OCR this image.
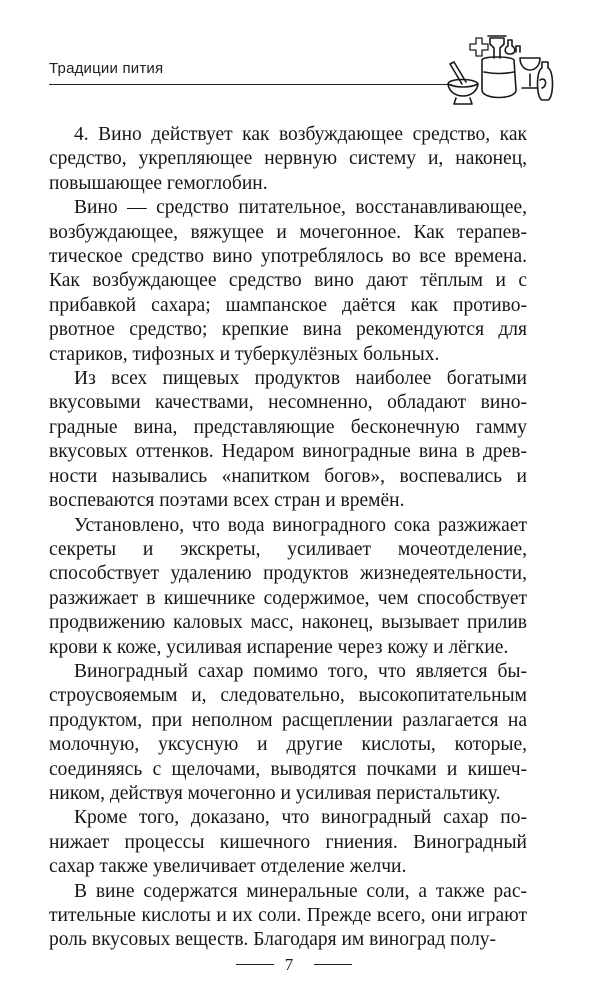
Традиции пития

4. Вино действует как возбуждающее средство, как средство, укрепляющее нервную систему и, наконец, повышающее гемоглобин.

Вино — средство питательное, восстанавливающее, возбуждающее, вяжущее и мочегонное. Как терапевтическое средство вино употреблялось во все времена. Как возбуждающее средство вино дают тёплым и с прибавкой сахара; шампанское даётся как противорвотное средство; крепкие вина рекомендуются для стариков, тифозных и туберкулёзных больных.

Из всех пищевых продуктов наиболее богатыми вкусовыми качествами, несомненно, обладают виноградные вина, представляющие бесконечную гамму вкусовых оттенков. Недаром виноградные вина в древности назывались «напитком богов», воспевались и воспеваются поэтами всех стран и времён.

Установлено, что вода виноградного сока разжижает секреты и экскреты, усиливает мочеотделение, способствует удалению продуктов жизнедеятельности, разжижает в кишечнике содержимое, чем способствует продвижению каловых масс, наконец, вызывает прилив крови к коже, усиливая испарение через кожу и лёгкие.

Виноградный сахар помимо того, что является быстроусвояемым и, следовательно, высокопитательным продуктом, при неполном расщеплении разлагается на молочную, уксусную и другие кислоты, которые, соединяясь с щелочами, выводятся почками и кишечником, действуя мочегонно и усиливая перистальтику.

Кроме того, доказано, что виноградный сахар понижает процессы кишечного гниения. Виноградный сахар также увеличивает отделение желчи.

В вине содержатся минеральные соли, а также растительные кислоты и их соли. Прежде всего, они играют роль вкусовых веществ. Благодаря им виноград полу-

7
